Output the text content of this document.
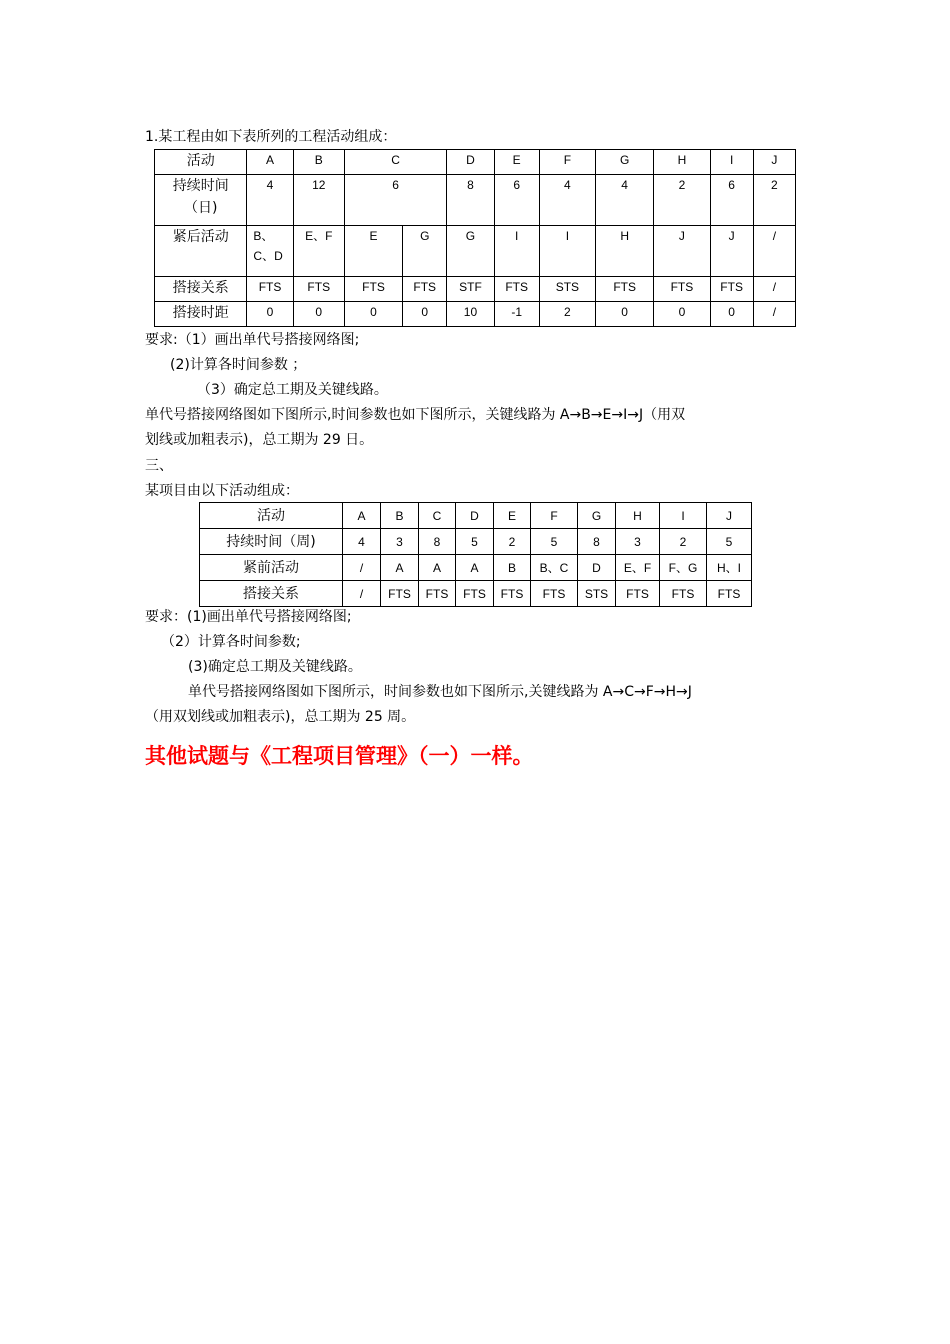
1.某工程由如下表所列的工程活动组成：
活动	A	B	C		D	E	F	G	H	I	J

持续时间
（日)	4	12	6		8	6	4	4	2	6	2
紧后活动	B、C、D	E、F	E	G	G	I	I	H	J	J	/
搭接关系	FTS	FTS	FTS	FTS	STF	FTS	STS	FTS	FTS	FTS	/
搭接时距	0	0	0	0	10	-1	2	0	0	0	/
要求:（1）画出单代号搭接网络图;
(2)计算各时间参数 ；
（3）确定总工期及关键线路。
单代号搭接网络图如下图所示,时间参数也如下图所示，关键线路为 A→B→E→I→J（用双
划线或加粗表示)，总工期为 29 日。
三、
某项目由以下活动组成：
活动	A	B	C	D	E	F	G	H	I	J
持续时间（周)	4	3	8	5	2	5	8	3	2	5
紧前活动	/	A	A	A	B	B、C	D	E、F	F、G	H、I
搭接关系	/	FTS	FTS	FTS	FTS	FTS	STS	FTS	FTS	FTS
要求：(1)画出单代号搭接网络图;
（2）计算各时间参数;
(3)确定总工期及关键线路。
单代号搭接网络图如下图所示，时间参数也如下图所示,关键线路为 A→C→F→H→J
（用双划线或加粗表示)，总工期为 25 周。
其他试题与《工程项目管理》（一）一样。
